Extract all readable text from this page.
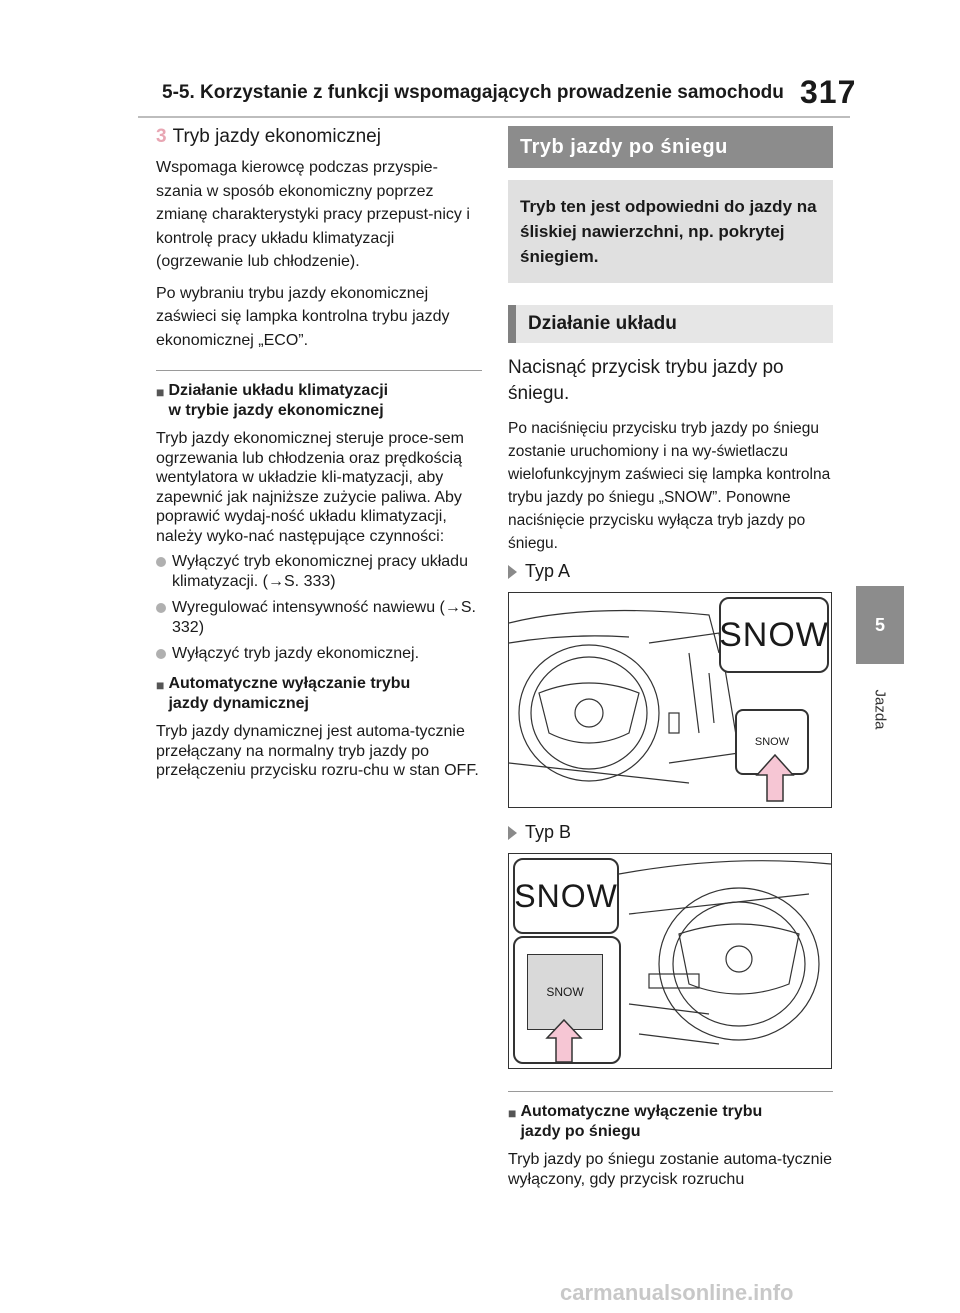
5-5. Korzystanie z funkcji wspomagających prowadzenie samochodu 317
5
Jazda
3 Tryb jazdy ekonomicznej

Wspomaga kierowcę podczas przyspie-szania w sposób ekonomiczny poprzez zmianę charakterystyki pracy przepust-nicy i kontrolę pracy układu klimatyzacji (ogrzewanie lub chłodzenie).

Po wybraniu trybu jazdy ekonomicznej zaświeci się lampka kontrolna trybu jazdy ekonomicznej „ECO”.

■ Działanie układu klimatyzacji
w trybie jazdy ekonomicznej

Tryb jazdy ekonomicznej steruje proce-sem ogrzewania lub chłodzenia oraz prędkością wentylatora w układzie kli-matyzacji, aby zapewnić jak najniższe zużycie paliwa. Aby poprawić wydaj-ność układu klimatyzacji, należy wyko-nać następujące czynności:

Wyłączyć tryb ekonomicznej pracy układu klimatyzacji. (→S. 333)
Wyregulować intensywność nawiewu (→S. 332)
Wyłączyć tryb jazdy ekonomicznej.
■ Automatyczne wyłączanie trybu
jazdy dynamicznej

Tryb jazdy dynamicznej jest automa-tycznie przełączany na normalny tryb jazdy po przełączeniu przycisku rozru-chu w stan OFF.

Tryb jazdy po śniegu
Tryb ten jest odpowiedni do jazdy na śliskiej nawierzchni, np. pokrytej śniegiem.
Działanie układu

Nacisnąć przycisk trybu jazdy po śniegu.

Po naciśnięciu przycisku tryb jazdy po śniegu zostanie uruchomiony i na wy-świetlaczu wielofunkcyjnym zaświeci się lampka kontrolna trybu jazdy po śniegu „SNOW”. Ponowne naciśnięcie przycisku wyłącza tryb jazdy po śniegu.

Typ A
SNOW
SNOW
Typ B
SNOW
SNOW
■ Automatyczne wyłączenie trybu
jazdy po śniegu

Tryb jazdy po śniegu zostanie automa-tycznie wyłączony, gdy przycisk rozruchu

carmanualsonline.info
